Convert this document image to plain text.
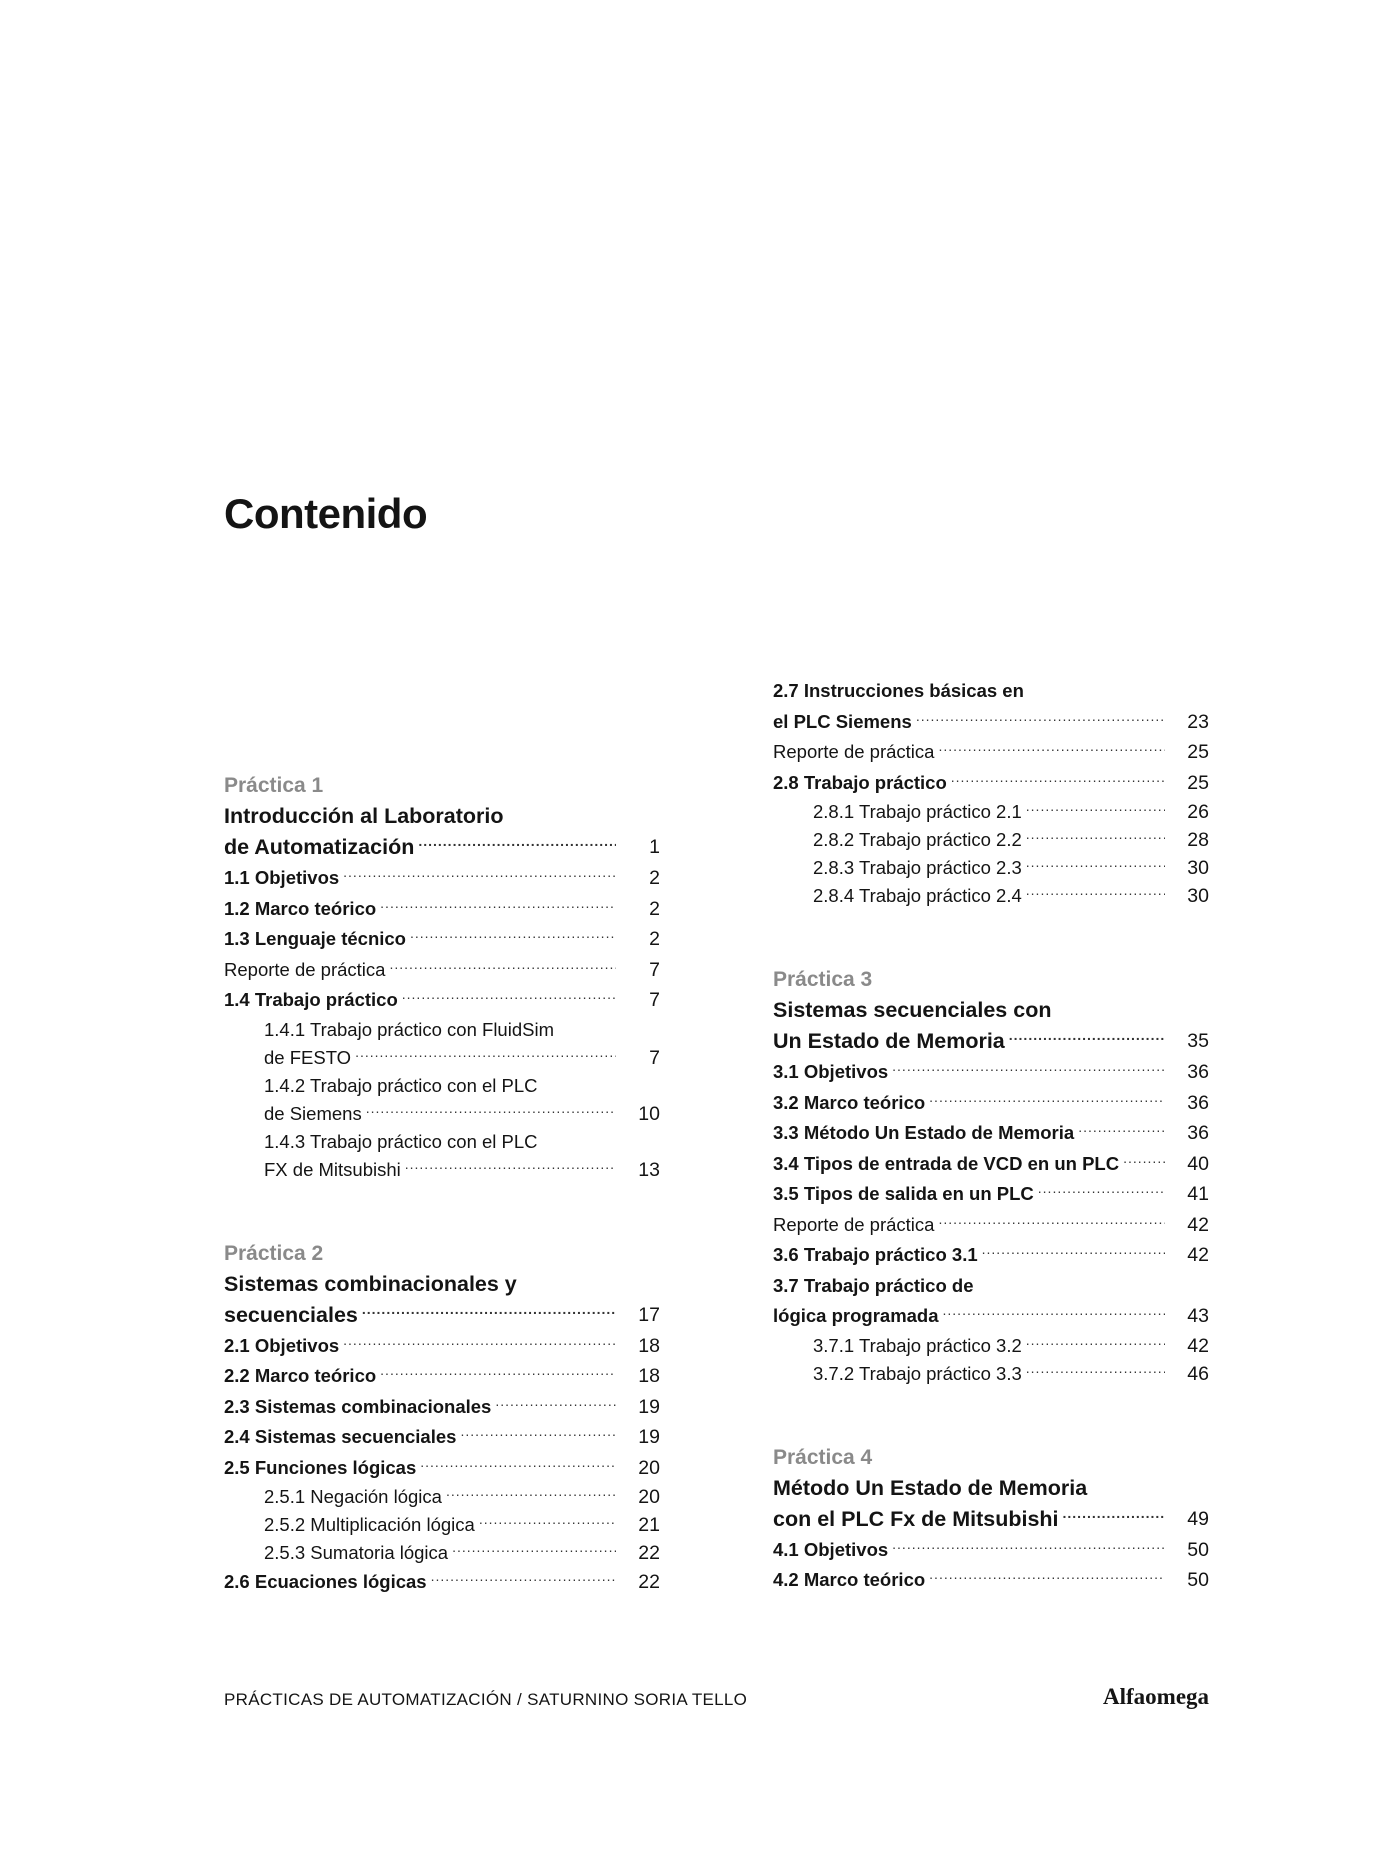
Contenido
Práctica 1
Introducción al Laboratorio
de Automatización .....	1
1.1 Objetivos .....	2
1.2 Marco teórico .....	2
1.3 Lenguaje técnico .....	2
Reporte de práctica .....	7
1.4 Trabajo práctico .....	7
1.4.1 Trabajo práctico con FluidSim
de FESTO .....	7
1.4.2 Trabajo práctico con el PLC
de Siemens .....	10
1.4.3 Trabajo práctico con el PLC
FX de Mitsubishi .....	13
Práctica 2
Sistemas combinacionales y
secuenciales .....	17
2.1 Objetivos .....	18
2.2 Marco teórico .....	18
2.3 Sistemas combinacionales .....	19
2.4 Sistemas secuenciales .....	19
2.5 Funciones lógicas .....	20
2.5.1 Negación lógica .....	20
2.5.2 Multiplicación lógica .....	21
2.5.3 Sumatoria lógica .....	22
2.6 Ecuaciones lógicas .....	22
2.7 Instrucciones básicas en
el PLC Siemens .....	23
Reporte de práctica .....	25
2.8 Trabajo práctico .....	25
2.8.1 Trabajo práctico 2.1 .....	26
2.8.2 Trabajo práctico 2.2 .....	28
2.8.3 Trabajo práctico 2.3 .....	30
2.8.4 Trabajo práctico 2.4 .....	30
Práctica 3
Sistemas secuenciales con
Un Estado de Memoria .....	35
3.1 Objetivos .....	36
3.2 Marco teórico .....	36
3.3 Método Un Estado de Memoria .....	36
3.4 Tipos de entrada de VCD en un PLC .....	40
3.5 Tipos de salida en un PLC .....	41
Reporte de práctica .....	42
3.6 Trabajo práctico 3.1 .....	42
3.7 Trabajo práctico de
lógica programada .....	43
3.7.1 Trabajo práctico 3.2 .....	42
3.7.2 Trabajo práctico 3.3 .....	46
Práctica 4
Método Un Estado de Memoria
con el PLC Fx de Mitsubishi .....	49
4.1 Objetivos .....	50
4.2 Marco teórico .....	50
PRÁCTICAS DE AUTOMATIZACIÓN / SATURNINO SORIA TELLO	Alfaomega
